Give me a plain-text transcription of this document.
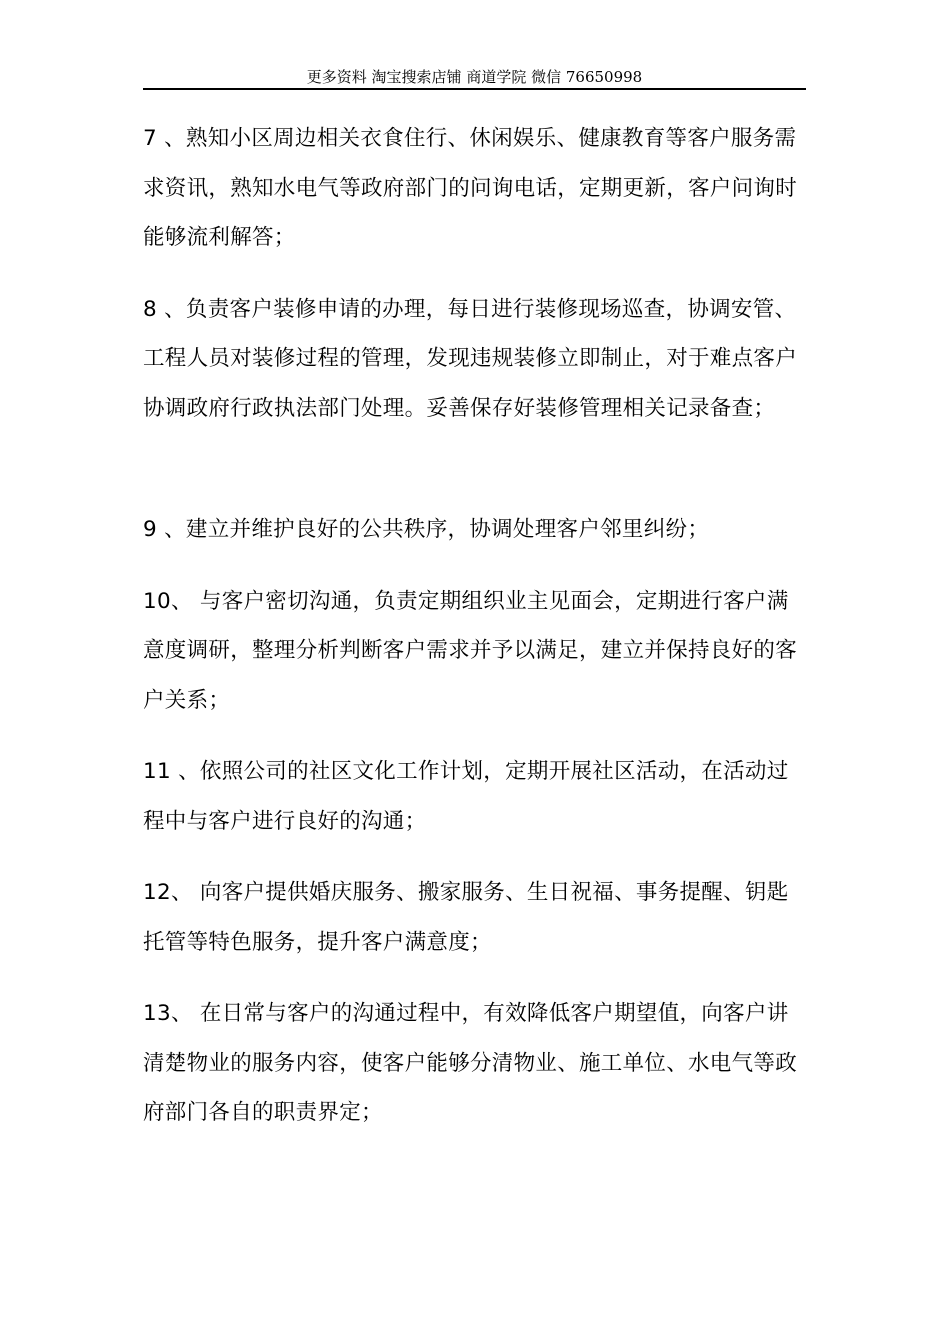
更多资料 淘宝搜索店铺 商道学院 微信 76650998

7 、熟知小区周边相关衣食住行、休闲娱乐、健康教育等客户服务需求资讯，熟知水电气等政府部门的问询电话，定期更新，客户问询时能够流利解答；

8 、负责客户装修申请的办理，每日进行装修现场巡查，协调安管、工程人员对装修过程的管理，发现违规装修立即制止，对于难点客户协调政府行政执法部门处理。妥善保存好装修管理相关记录备查；

9 、建立并维护良好的公共秩序，协调处理客户邻里纠纷；

10、 与客户密切沟通，负责定期组织业主见面会，定期进行客户满意度调研，整理分析判断客户需求并予以满足，建立并保持良好的客户关系；

11 、依照公司的社区文化工作计划，定期开展社区活动，在活动过程中与客户进行良好的沟通；

12、 向客户提供婚庆服务、搬家服务、生日祝福、事务提醒、钥匙托管等特色服务，提升客户满意度；

13、 在日常与客户的沟通过程中，有效降低客户期望值，向客户讲清楚物业的服务内容，使客户能够分清物业、施工单位、水电气等政府部门各自的职责界定；
